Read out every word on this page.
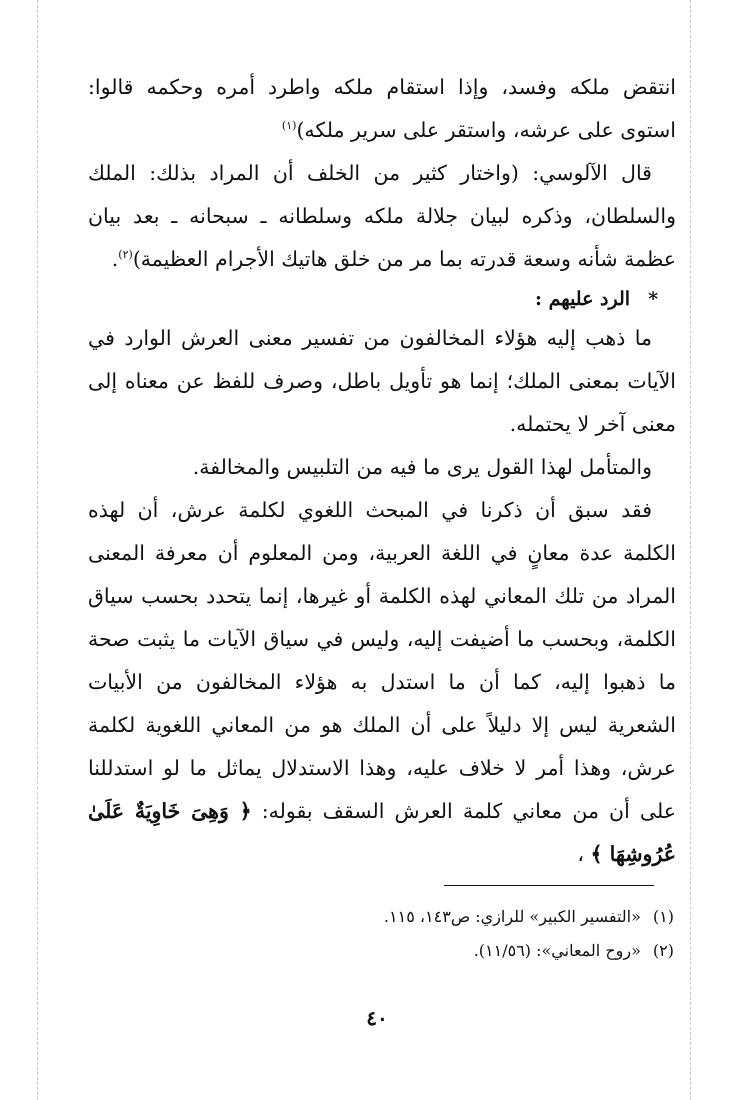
انتقض ملكه وفسد، وإذا استقام ملكه واطرد أمره وحكمه قالوا: استوى على عرشه، واستقر على سرير ملكه)$^{(١)}$

قال الآلوسي: (واختار كثير من الخلف أن المراد بذلك: الملك والسلطان، وذكره لبيان جلالة ملكه وسلطانه ـ سبحانه ـ بعد بيان عظمة شأنه وسعة قدرته بما مر من خلق هاتيك الأجرام العظيمة)$^{(٢)}$.

*الرد عليهم :

ما ذهب إليه هؤلاء المخالفون من تفسير معنى العرش الوارد في الآيات بمعنى الملك؛ إنما هو تأويل باطل، وصرف للفظ عن معناه إلى معنى آخر لا يحتمله.

والمتأمل لهذا القول يرى ما فيه من التلبيس والمخالفة.

فقد سبق أن ذكرنا في المبحث اللغوي لكلمة عرش، أن لهذه الكلمة عدة معانٍ في اللغة العربية، ومن المعلوم أن معرفة المعنى المراد من تلك المعاني لهذه الكلمة أو غيرها، إنما يتحدد بحسب سياق الكلمة، وبحسب ما أضيفت إليه، وليس في سياق الآيات ما يثبت صحة ما ذهبوا إليه، كما أن ما استدل به هؤلاء المخالفون من الأبيات الشعرية ليس إلا دليلاً على أن الملك هو من المعاني اللغوية لكلمة عرش، وهذا أمر لا خلاف عليه، وهذا الاستدلال يماثل ما لو استدللنا على أن من معاني كلمة العرش السقف بقوله: ﴿ وَهِىَ خَاوِيَةٌ عَلَىٰ عُرُوشِهَا ﴾ ،

(١)«التفسير الكبير» للرازي: ص١٤٣، ١١٥.
(٢)«روح المعاني»: (١١/٥٦).
٤٠
